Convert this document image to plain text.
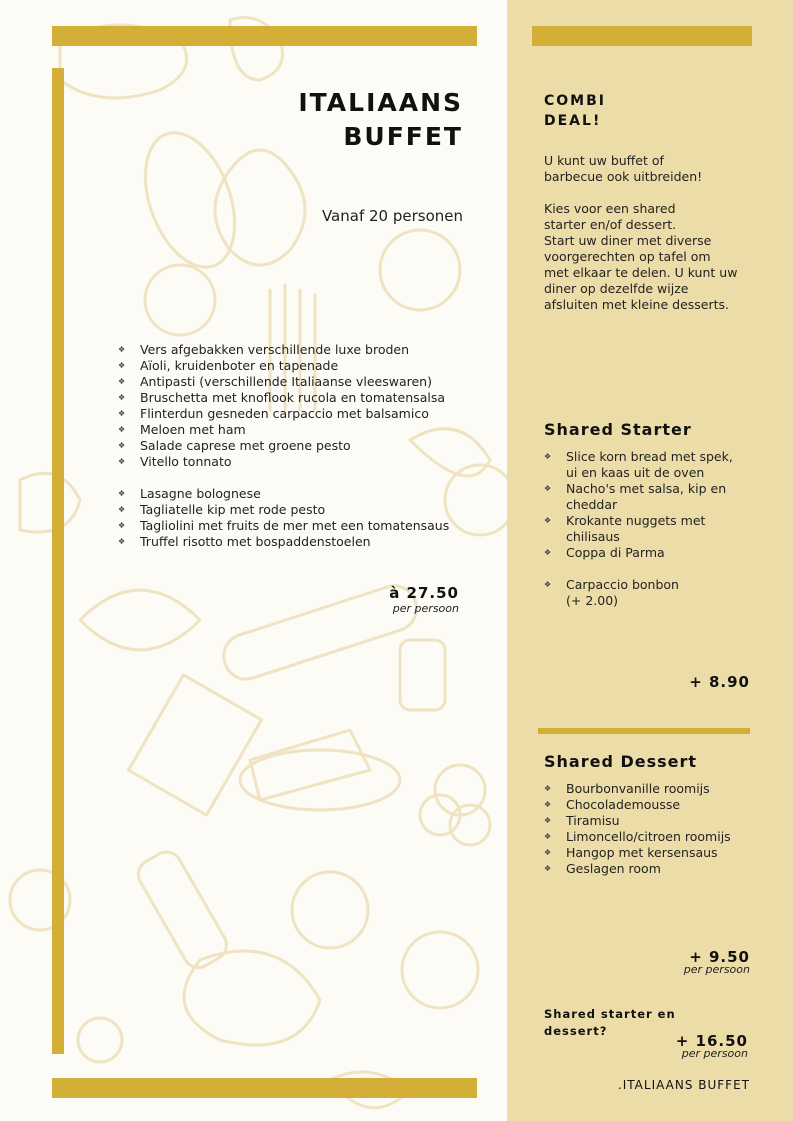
ITALIAANS
BUFFET
Vanaf 20 personen
❖ Vers afgebakken verschillende luxe broden
❖ Aïoli, kruidenboter en tapenade
❖ Antipasti (verschillende Italiaanse vleeswaren)
❖ Bruschetta met knoflook rucola en tomatensalsa
❖ Flinterdun gesneden carpaccio met balsamico
❖ Meloen met ham
❖ Salade caprese met groene pesto
❖ Vitello tonnato
❖ Lasagne bolognese
❖ Tagliatelle kip met rode pesto
❖ Tagliolini met fruits de mer met een tomatensaus
❖ Truffel risotto met bospaddenstoelen
à 27.50
per persoon
COMBI
DEAL!
U kunt uw buffet of
barbecue ook uitbreiden!
Kies voor een shared
starter en/of dessert.
Start uw diner met diverse
voorgerechten op tafel om
met elkaar te delen. U kunt uw
diner op dezelfde wijze
afsluiten met kleine desserts.
Shared Starter
❖ Slice korn bread met spek,
ui en kaas uit de oven
❖ Nacho's met salsa, kip en
cheddar
❖ Krokante nuggets met
chilisaus
❖ Coppa di Parma
❖ Carpaccio bonbon
(+ 2.00)
+ 8.90
Shared Dessert
❖ Bourbonvanille roomijs
❖ Chocolademousse
❖ Tiramisu
❖ Limoncello/citroen roomijs
❖ Hangop met kersensaus
❖ Geslagen room
+ 9.50
per persoon
Shared starter en
dessert?
+ 16.50
per persoon
.ITALIAANS BUFFET
